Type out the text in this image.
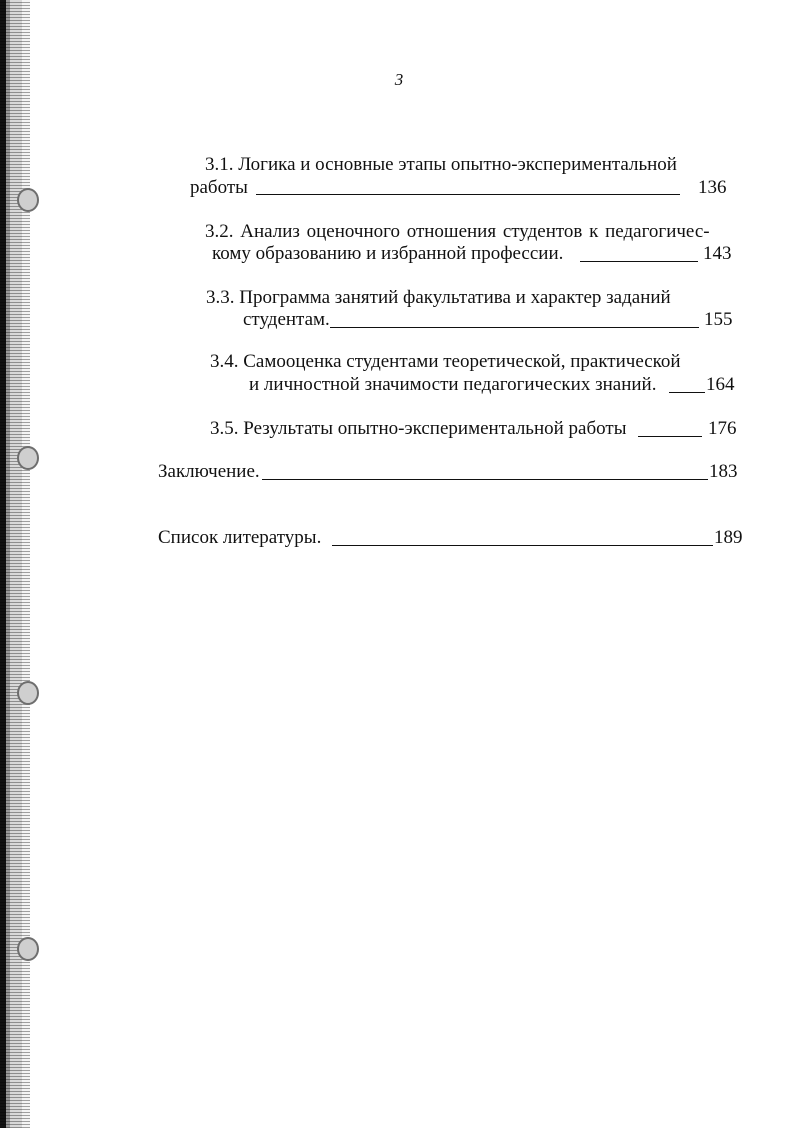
3
3.1. Логика и основные этапы опытно-экспериментальной
работы	136
3.2. Анализ оценочного отношения студентов к педагогичес-
кому образованию и избранной профессии.	143
3.3. Программа занятий факультатива и характер заданий
студентам.	155
3.4. Самооценка студентами теоретической, практической
и личностной значимости педагогических знаний.	164
3.5. Результаты опытно-экспериментальной работы	176
Заключение.	183
Список литературы.	189
